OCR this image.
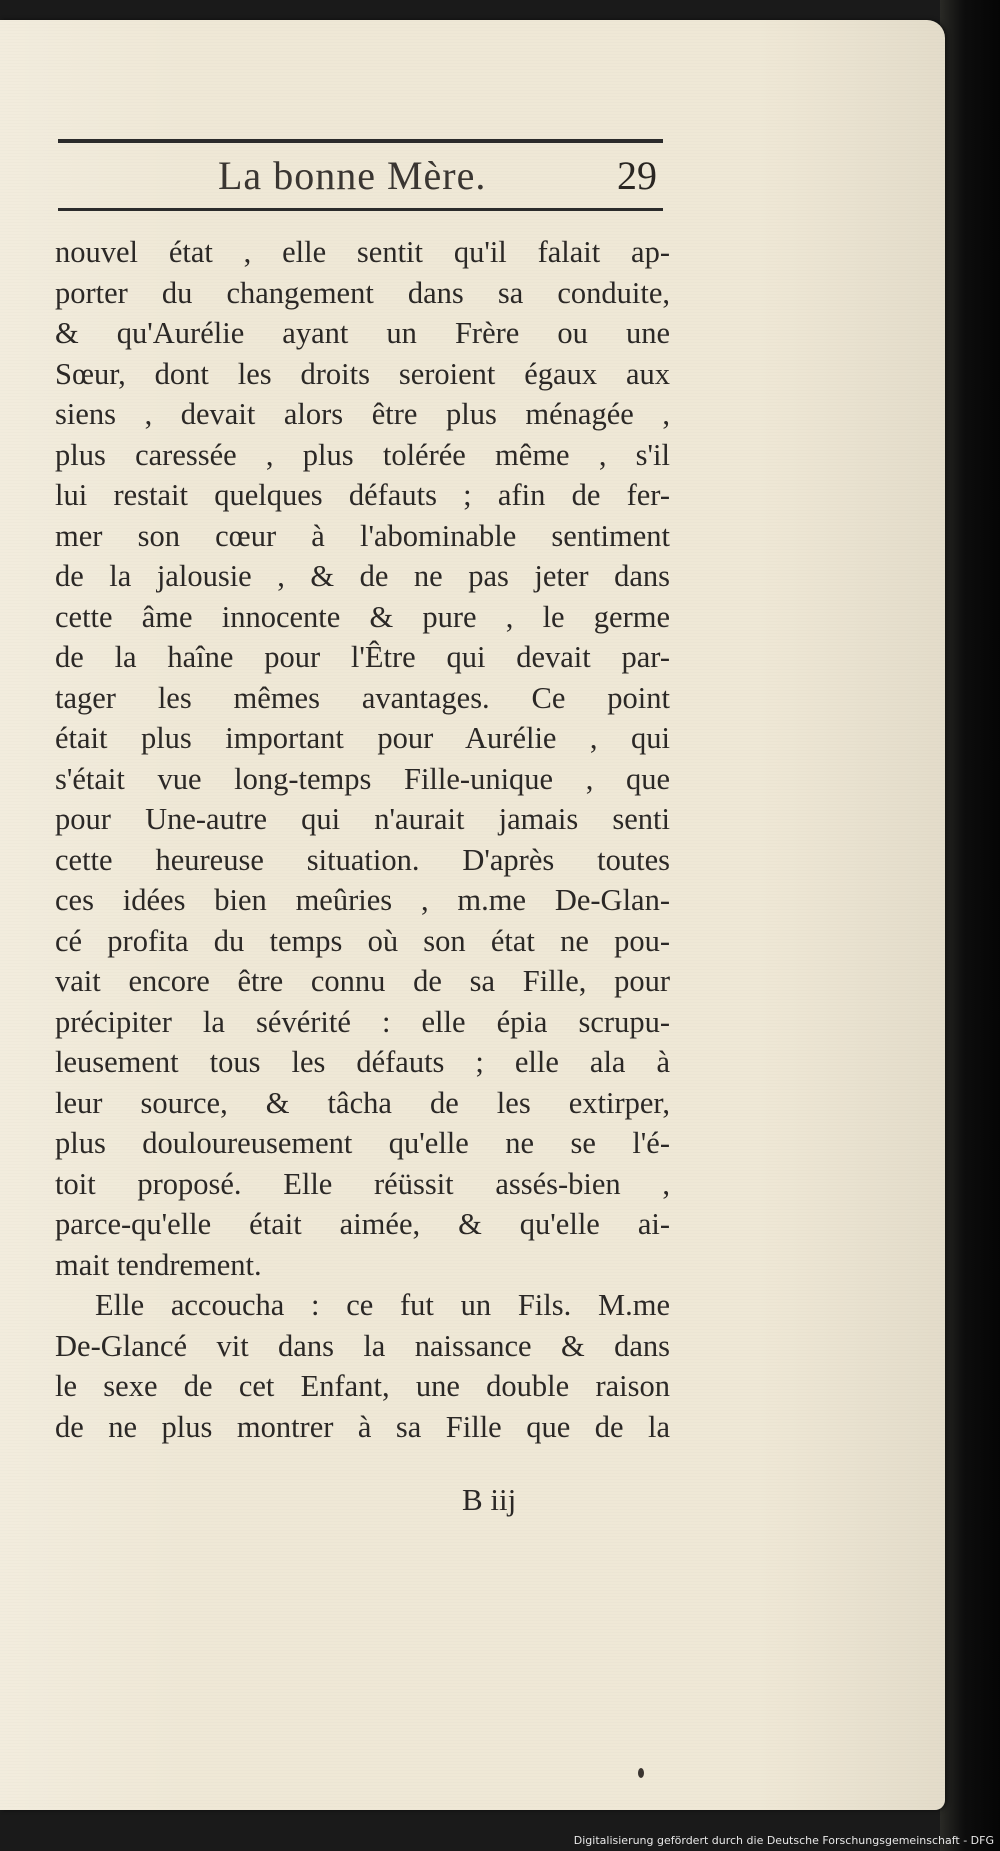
La bonne Mère.	29
nouvel état , elle sentit qu'il falait ap-
porter du changement dans sa conduite,
& qu'Aurélie ayant un Frère ou une
Sœur, dont les droits seroient égaux aux
siens , devait alors être plus ménagée ,
plus caressée , plus tolérée même , s'il
lui restait quelques défauts ; afin de fer-
mer son cœur à l'abominable sentiment
de la jalousie , & de ne pas jeter dans
cette âme innocente & pure , le germe
de la haîne pour l'Être qui devait par-
tager les mêmes avantages. Ce point
était plus important pour Aurélie , qui
s'était vue long-temps Fille-unique , que
pour Une-autre qui n'aurait jamais senti
cette heureuse situation. D'après toutes
ces idées bien meûries , m.me De-Glan-
cé profita du temps où son état ne pou-
vait encore être connu de sa Fille, pour
précipiter la sévérité : elle épia scrupu-
leusement tous les défauts ; elle ala à
leur source, & tâcha de les extirper,
plus douloureusement qu'elle ne se l'é-
toit proposé. Elle réüssit assés-bien ,
parce-qu'elle était aimée, & qu'elle ai-
mait tendrement.
Elle accoucha : ce fut un Fils. M.me
De-Glancé vit dans la naissance & dans
le sexe de cet Enfant, une double raison
de ne plus montrer à sa Fille que de la
B iij
Digitalisierung gefördert durch die Deutsche Forschungsgemeinschaft - DFG
